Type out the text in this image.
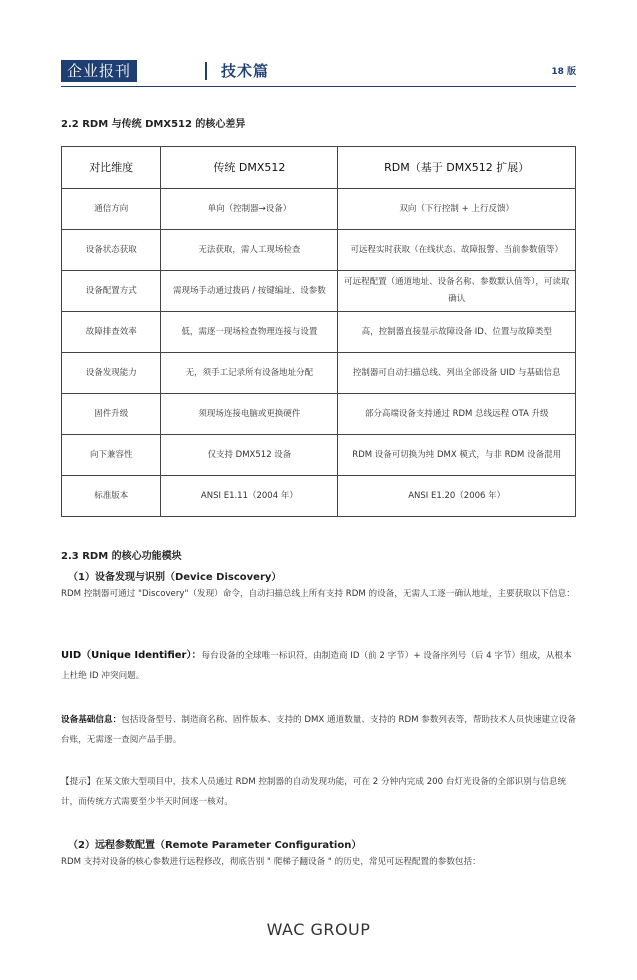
企业报刊	技术篇	18 版
2.2 RDM 与传统 DMX512 的核心差异
对比维度	传统 DMX512	RDM（基于 DMX512 扩展）
通信方向	单向（控制器→设备）	双向（下行控制 + 上行反馈）
设备状态获取	无法获取，需人工现场检查	可远程实时获取（在线状态、故障报警、当前参数值等）
设备配置方式	需现场手动通过拨码 / 按键编址、设参数	可远程配置（通道地址、设备名称、参数默认值等），可读取确认
故障排查效率	低，需逐一现场检查物理连接与设置	高，控制器直接显示故障设备 ID、位置与故障类型
设备发现能力	无，须手工记录所有设备地址分配	控制器可自动扫描总线、列出全部设备 UID 与基础信息
固件升级	须现场连接电脑或更换硬件	部分高端设备支持通过 RDM 总线远程 OTA 升级
向下兼容性	仅支持 DMX512 设备	RDM 设备可切换为纯 DMX 模式，与非 RDM 设备混用
标准版本	ANSI E1.11（2004 年）	ANSI E1.20（2006 年）
2.3 RDM 的核心功能模块
（1）设备发现与识别（Device Discovery）
RDM 控制器可通过 "Discovery"（发现）命令，自动扫描总线上所有支持 RDM 的设备，无需人工逐一确认地址，主要获取以下信息：
UID（Unique Identifier）：每台设备的全球唯一标识符，由制造商 ID（前 2 字节）+ 设备序列号（后 4 字节）组成，从根本上杜绝 ID 冲突问题。
设备基础信息：包括设备型号、制造商名称、固件版本、支持的 DMX 通道数量、支持的 RDM 参数列表等，帮助技术人员快速建立设备台账，无需逐一查阅产品手册。
【提示】在某文旅大型项目中，技术人员通过 RDM 控制器的自动发现功能，可在 2 分钟内完成 200 台灯光设备的全部识别与信息统计，而传统方式需要至少半天时间逐一核对。
（2）远程参数配置（Remote Parameter Configuration）
RDM 支持对设备的核心参数进行远程修改，彻底告别 " 爬梯子翻设备 " 的历史，常见可远程配置的参数包括：
WAC GROUP
